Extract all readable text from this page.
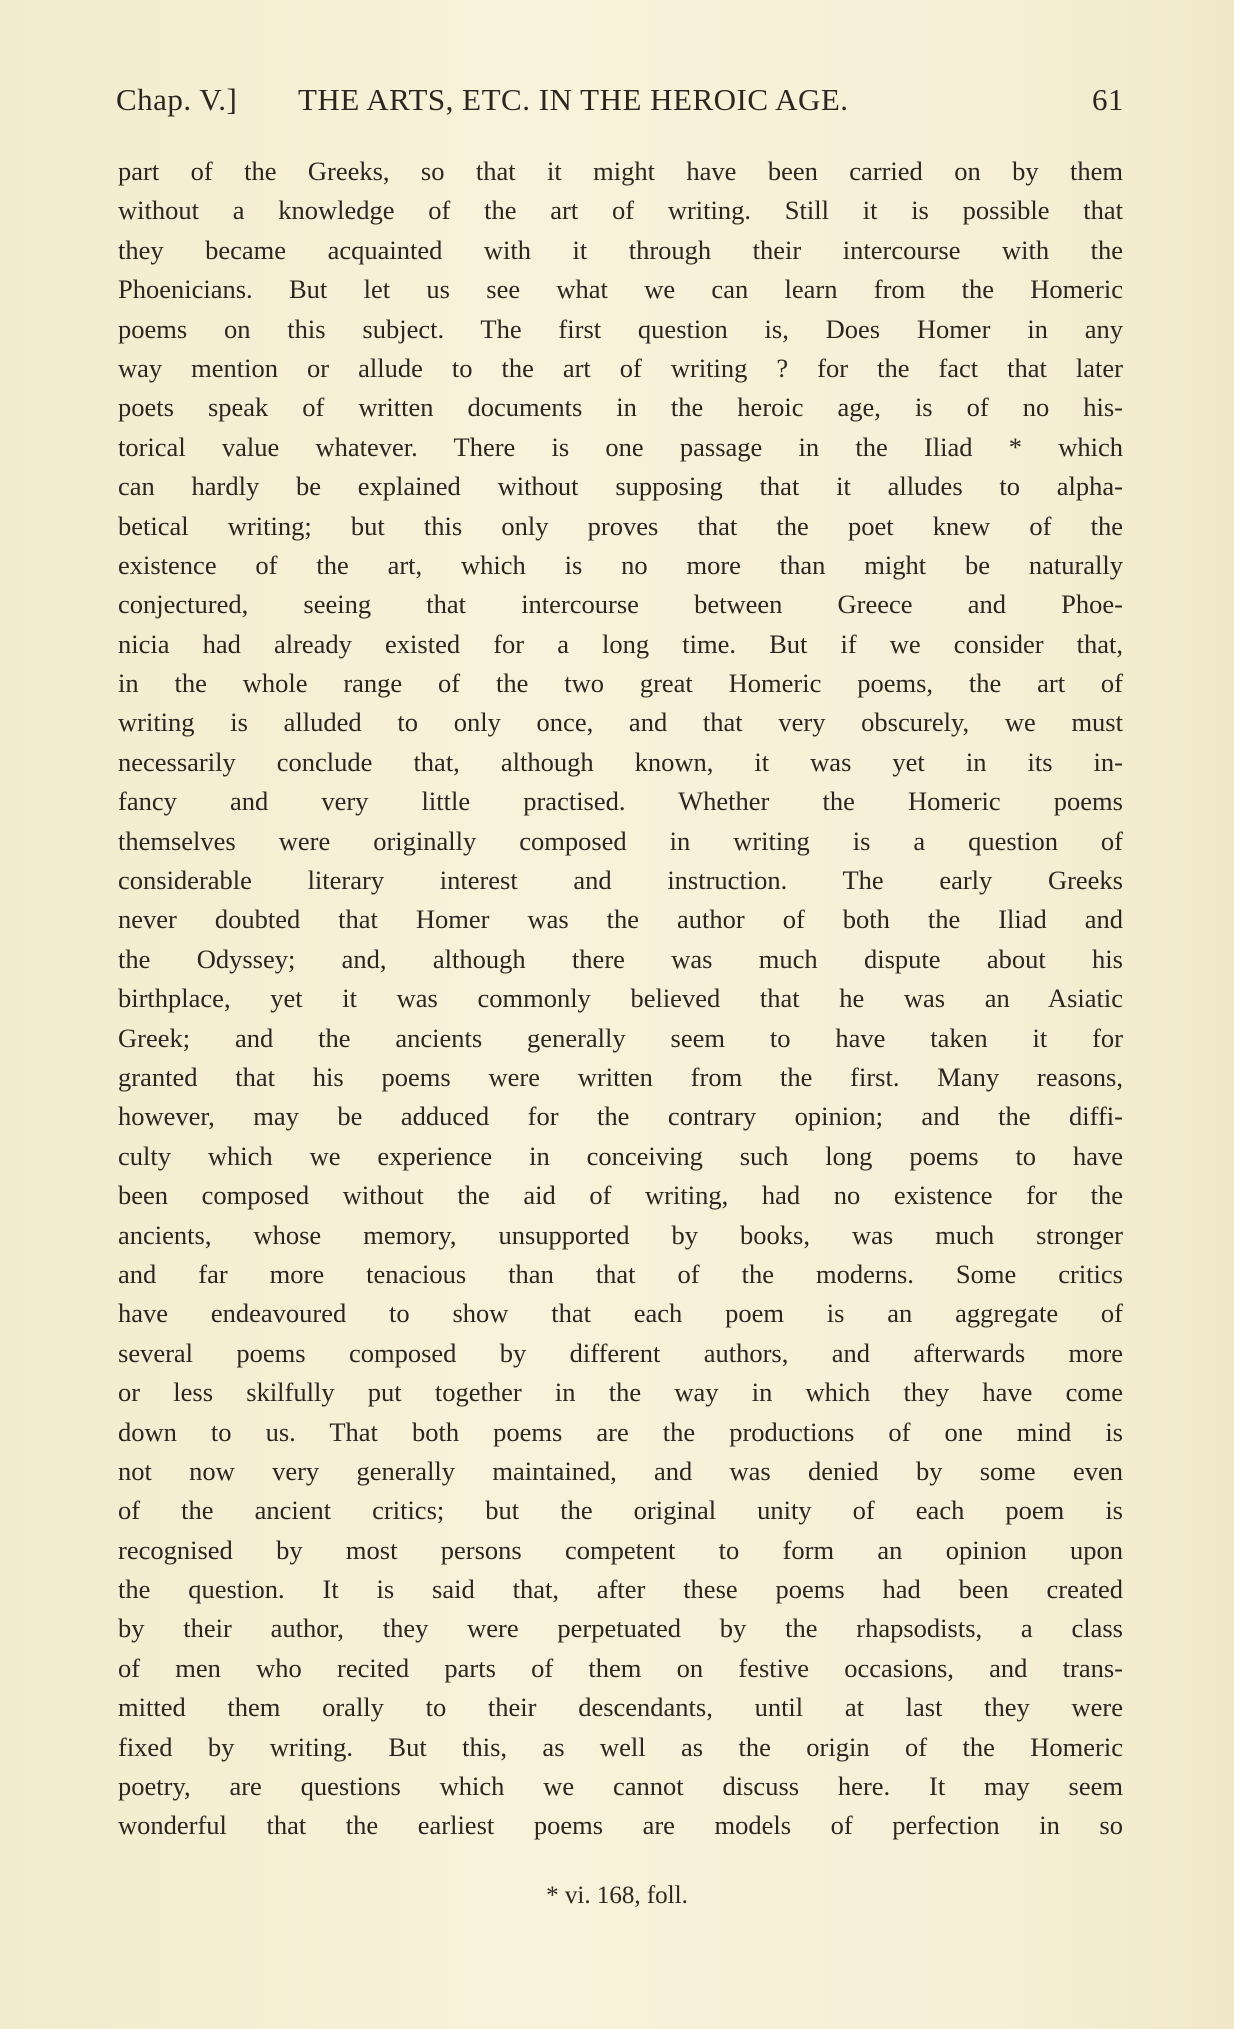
Chap. V.] THE ARTS, ETC. IN THE HEROIC AGE.	61
part of the Greeks, so that it might have been carried on by them
without a knowledge of the art of writing. Still it is possible that
they became acquainted with it through their intercourse with the
Phoenicians. But let us see what we can learn from the Homeric
poems on this subject. The first question is, Does Homer in any
way mention or allude to the art of writing ? for the fact that later
poets speak of written documents in the heroic age, is of no his-
torical value whatever. There is one passage in the Iliad * which
can hardly be explained without supposing that it alludes to alpha-
betical writing; but this only proves that the poet knew of the
existence of the art, which is no more than might be naturally
conjectured, seeing that intercourse between Greece and Phoe-
nicia had already existed for a long time. But if we consider that,
in the whole range of the two great Homeric poems, the art of
writing is alluded to only once, and that very obscurely, we must
necessarily conclude that, although known, it was yet in its in-
fancy and very little practised. Whether the Homeric poems
themselves were originally composed in writing is a question of
considerable literary interest and instruction. The early Greeks
never doubted that Homer was the author of both the Iliad and
the Odyssey; and, although there was much dispute about his
birthplace, yet it was commonly believed that he was an Asiatic
Greek; and the ancients generally seem to have taken it for
granted that his poems were written from the first. Many reasons,
however, may be adduced for the contrary opinion; and the diffi-
culty which we experience in conceiving such long poems to have
been composed without the aid of writing, had no existence for the
ancients, whose memory, unsupported by books, was much stronger
and far more tenacious than that of the moderns. Some critics
have endeavoured to show that each poem is an aggregate of
several poems composed by different authors, and afterwards more
or less skilfully put together in the way in which they have come
down to us. That both poems are the productions of one mind is
not now very generally maintained, and was denied by some even
of the ancient critics; but the original unity of each poem is
recognised by most persons competent to form an opinion upon
the question. It is said that, after these poems had been created
by their author, they were perpetuated by the rhapsodists, a class
of men who recited parts of them on festive occasions, and trans-
mitted them orally to their descendants, until at last they were
fixed by writing. But this, as well as the origin of the Homeric
poetry, are questions which we cannot discuss here. It may seem
wonderful that the earliest poems are models of perfection in so
* vi. 168, foll.
